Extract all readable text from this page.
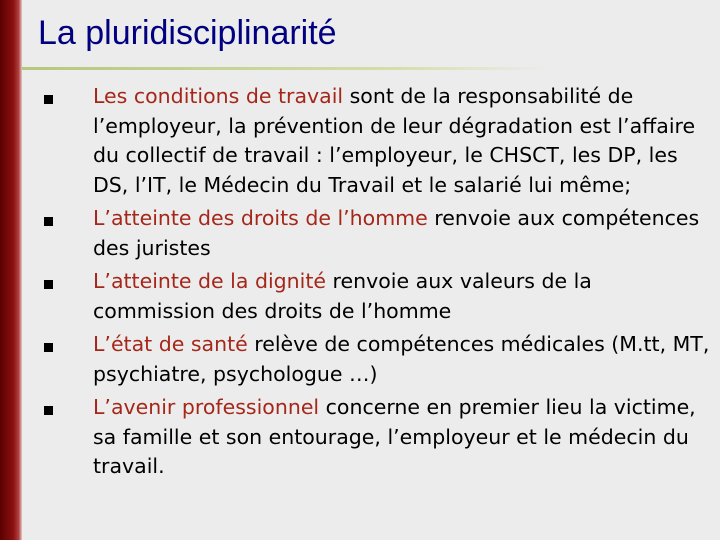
La pluridisciplinarité
Les conditions de travail sont de la responsabilité de l’employeur, la prévention de leur dégradation est l’affaire du collectif de travail : l’employeur, le CHSCT, les DP, les DS, l’IT, le Médecin du Travail et le salarié lui même;
L’atteinte des droits de l’homme renvoie aux compétences des juristes
L’atteinte de la dignité renvoie aux valeurs de la commission des droits de l’homme
L’état de santé relève de compétences médicales (M.tt, MT, psychiatre, psychologue …)
L’avenir professionnel concerne en premier lieu la victime, sa famille et son entourage, l’employeur et le médecin du travail.
